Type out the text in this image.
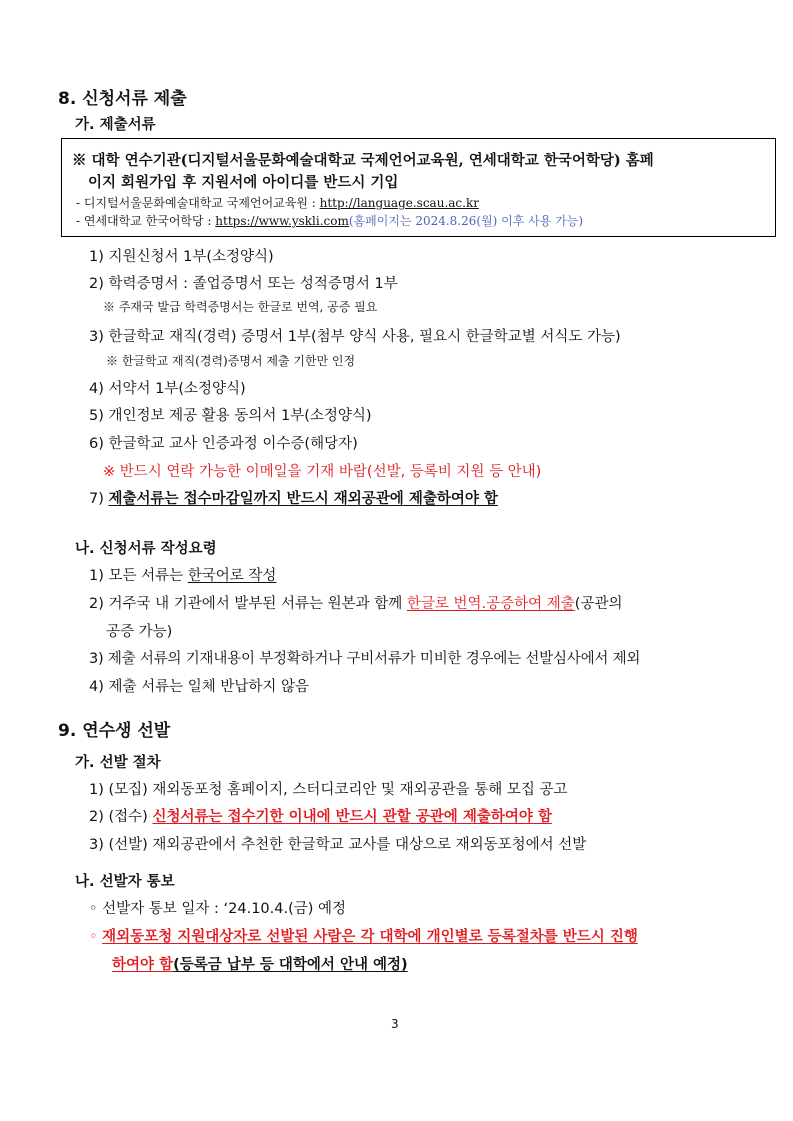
8. 신청서류 제출
가. 제출서류
※ 대학 연수기관(디지털서울문화예술대학교 국제언어교육원, 연세대학교 한국어학당) 홈페
이지 회원가입 후 지원서에 아이디를 반드시 기입
- 디지털서울문화예술대학교 국제언어교육원 : http://language.scau.ac.kr
- 연세대학교 한국어학당 : https://www.yskli.com(홈페이지는 2024.8.26(월) 이후 사용 가능)
1) 지원신청서 1부(소정양식)
2) 학력증명서 : 졸업증명서 또는 성적증명서 1부
※ 주재국 발급 학력증명서는 한글로 번역, 공증 필요
3) 한글학교 재직(경력) 증명서 1부(첨부 양식 사용, 필요시 한글학교별 서식도 가능)
※ 한글학교 재직(경력)증명서 제출 기한만 인정
4) 서약서 1부(소정양식)
5) 개인정보 제공 활용 동의서 1부(소정양식)
6) 한글학교 교사 인증과정 이수증(해당자)
※ 반드시 연락 가능한 이메일을 기재 바람(선발, 등록비 지원 등 안내)
7) 제출서류는 접수마감일까지 반드시 재외공관에 제출하여야 함
나. 신청서류 작성요령
1) 모든 서류는 한국어로 작성
2) 거주국 내 기관에서 발부된 서류는 원본과 함께 한글로 번역.공증하여 제출(공관의
공증 가능)
3) 제출 서류의 기재내용이 부정확하거나 구비서류가 미비한 경우에는 선발심사에서 제외
4) 제출 서류는 일체 반납하지 않음
9. 연수생 선발
가. 선발 절차
1) (모집) 재외동포청 홈페이지, 스터디코리안 및 재외공관을 통해 모집 공고
2) (접수) 신청서류는 접수기한 이내에 반드시 관할 공관에 제출하여야 함
3) (선발) 재외공관에서 추천한 한글학교 교사를 대상으로 재외동포청에서 선발
나. 선발자 통보
◦ 선발자 통보 일자 : ‘24.10.4.(금) 예정
◦ 재외동포청 지원대상자로 선발된 사람은 각 대학에 개인별로 등록절차를 반드시 진행
하여야 함(등록금 납부 등 대학에서 안내 예정)
3
